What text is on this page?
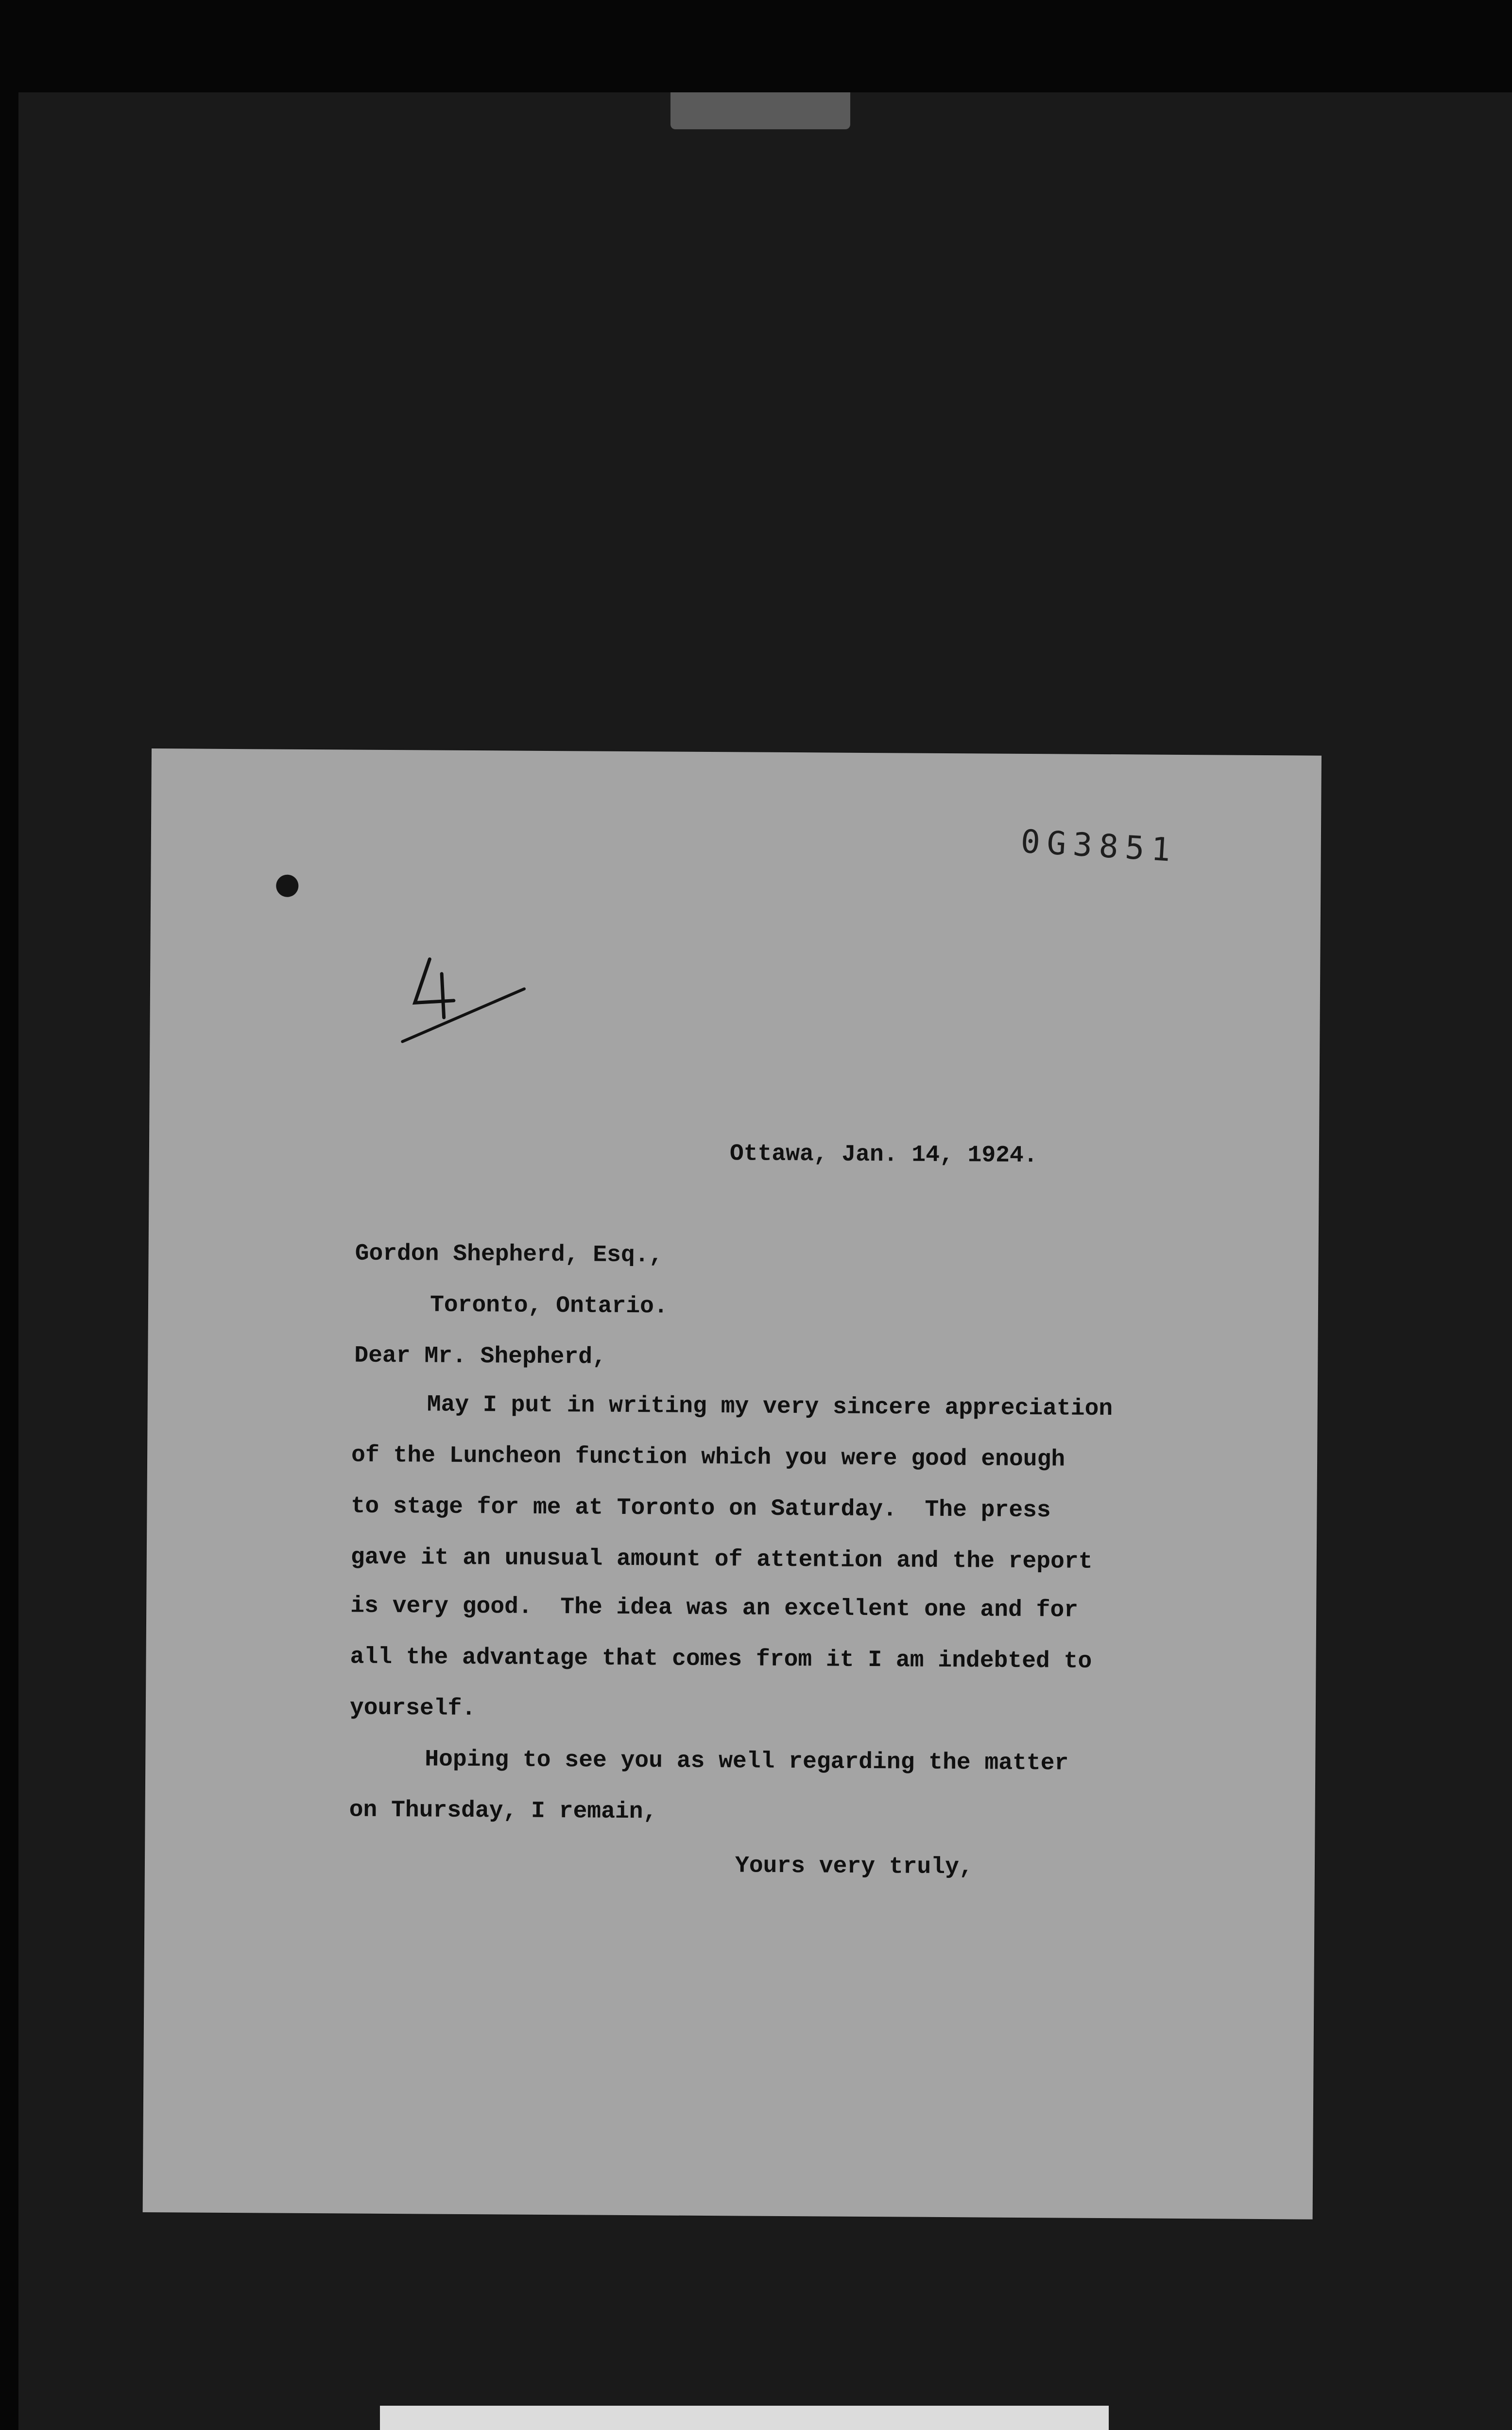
0G3851
Ottawa, Jan. 14, 1924.
Gordon Shepherd, Esq.,
Toronto, Ontario.
Dear Mr. Shepherd,
May I put in writing my very sincere appreciation
of the Luncheon function which you were good enough
to stage for me at Toronto on Saturday.  The press
gave it an unusual amount of attention and the report
is very good.  The idea was an excellent one and for
all the advantage that comes from it I am indebted to
yourself.
Hoping to see you as well regarding the matter
on Thursday, I remain,
Yours very truly,
